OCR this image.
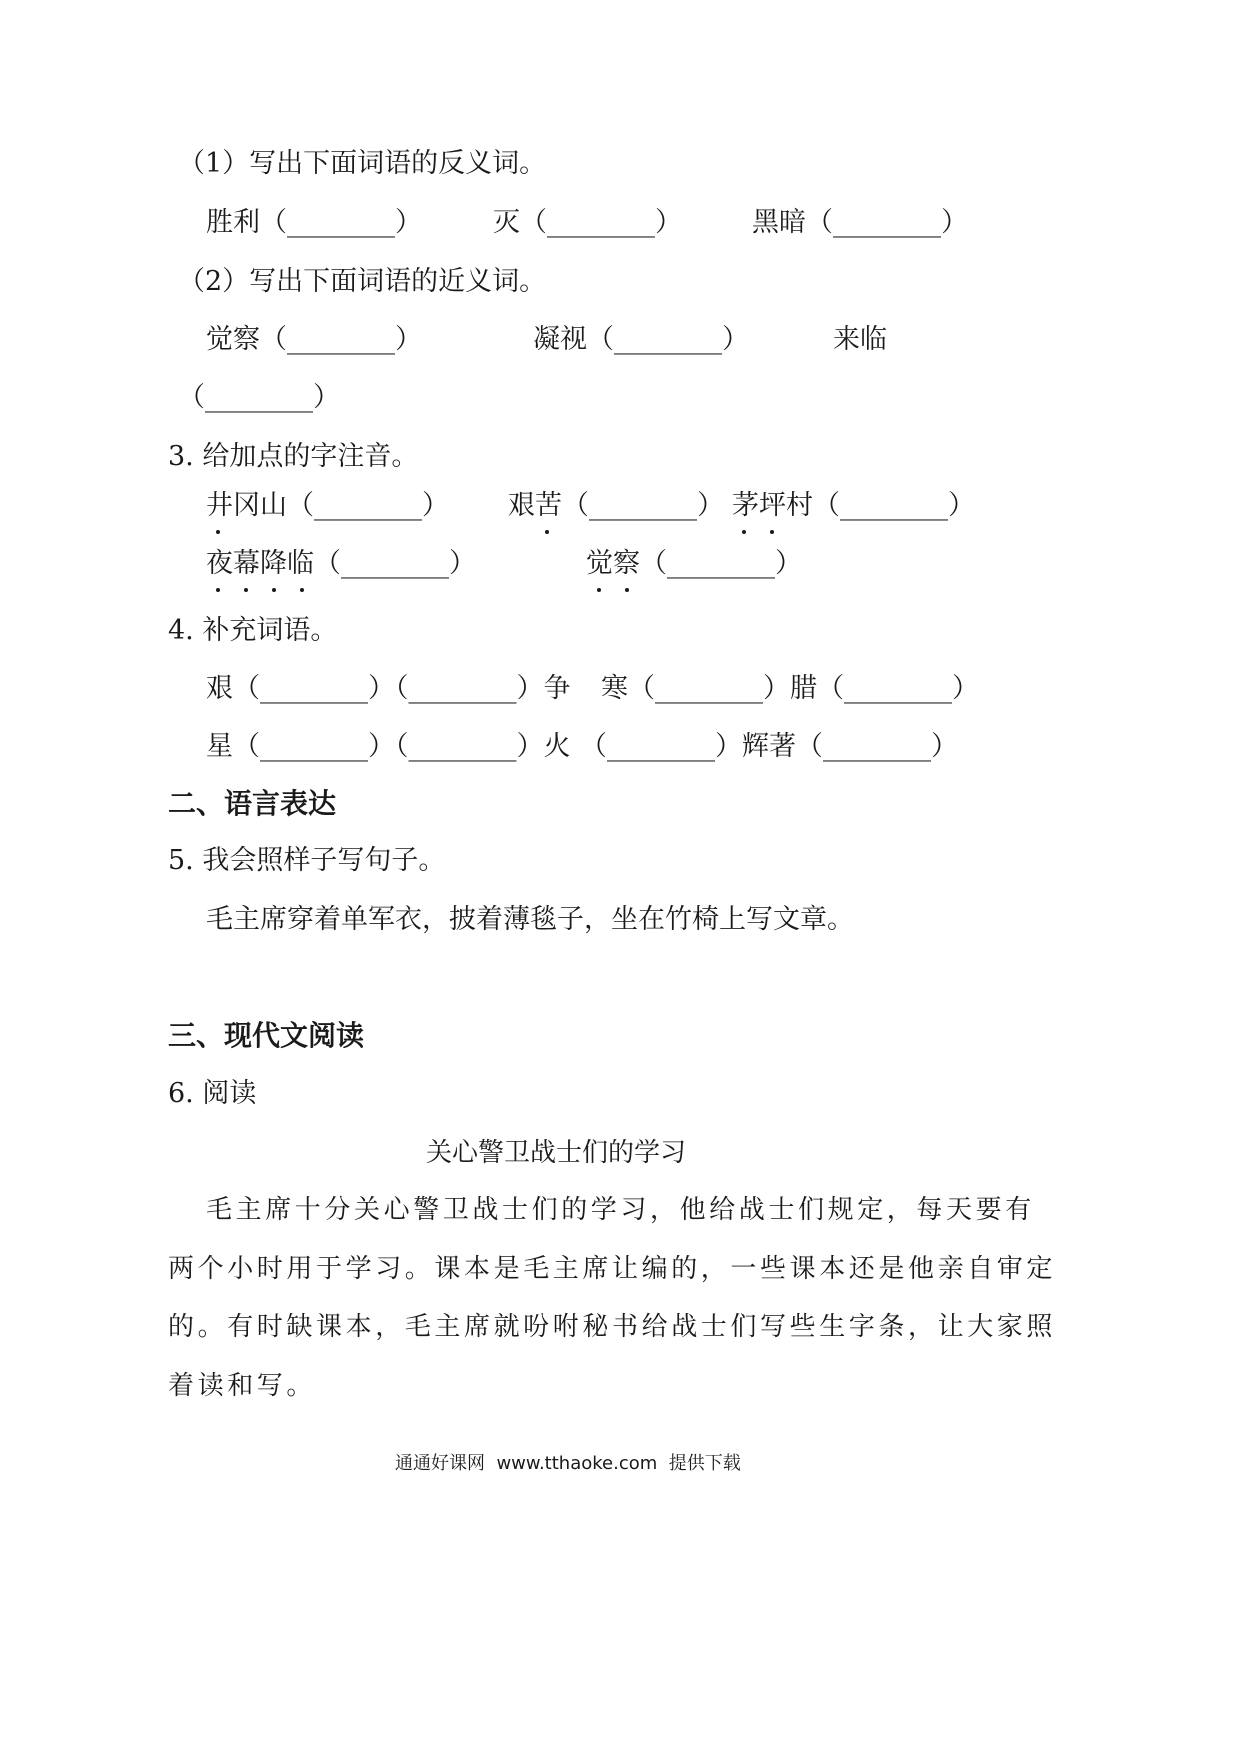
（1）写出下面词语的反义词。
胜利（________）	灭（________）	黑暗（________）
（2）写出下面词语的近义词。
觉察（________）	凝视（________）	来临
（________）
3. 给加点的字注音。
井冈山（________） 艰苦（________） 茅坪村（________）
夜幕降临（________）	觉察（________）
4. 补充词语。
艰（________）（________）争 寒（________）腊（________）
星（________）（________）火 （________）辉著（________）
二、语言表达
5. 我会照样子写句子。
毛主席穿着单军衣，披着薄毯子，坐在竹椅上写文章。
三、现代文阅读
6. 阅读
关心警卫战士们的学习
毛主席十分关心警卫战士们的学习，他给战士们规定，每天要有
两个小时用于学习。课本是毛主席让编的，一些课本还是他亲自审定
的。有时缺课本，毛主席就吩咐秘书给战士们写些生字条，让大家照
着读和写。
通通好课网  www.tthaoke.com  提供下载
